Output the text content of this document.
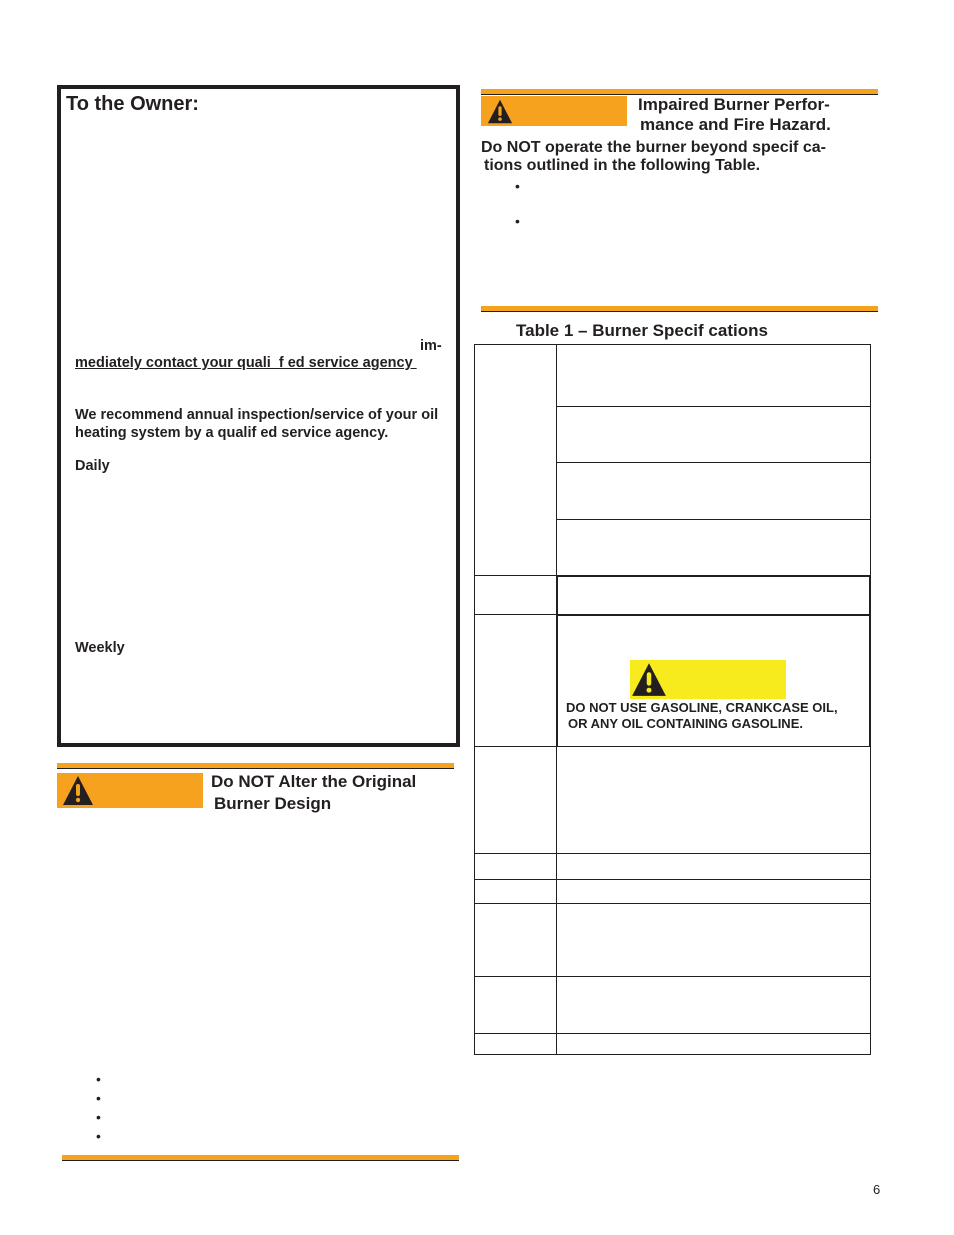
To the Owner:
im-
mediately contact your quali  f ed service agency
We recommend annual inspection/service of your oil heating system by a qualif ed service agency.
Daily
Weekly
Do NOT Alter the Original
Burner Design
•
•
•
•
Impaired Burner Perfor-
mance and Fire Hazard.
Do NOT operate the burner beyond specif ca-
tions outlined in the following Table.
•
•
Table 1 – Burner Specif cations
DO NOT USE GASOLINE, CRANKCASE OIL,
OR ANY OIL CONTAINING GASOLINE.
6
